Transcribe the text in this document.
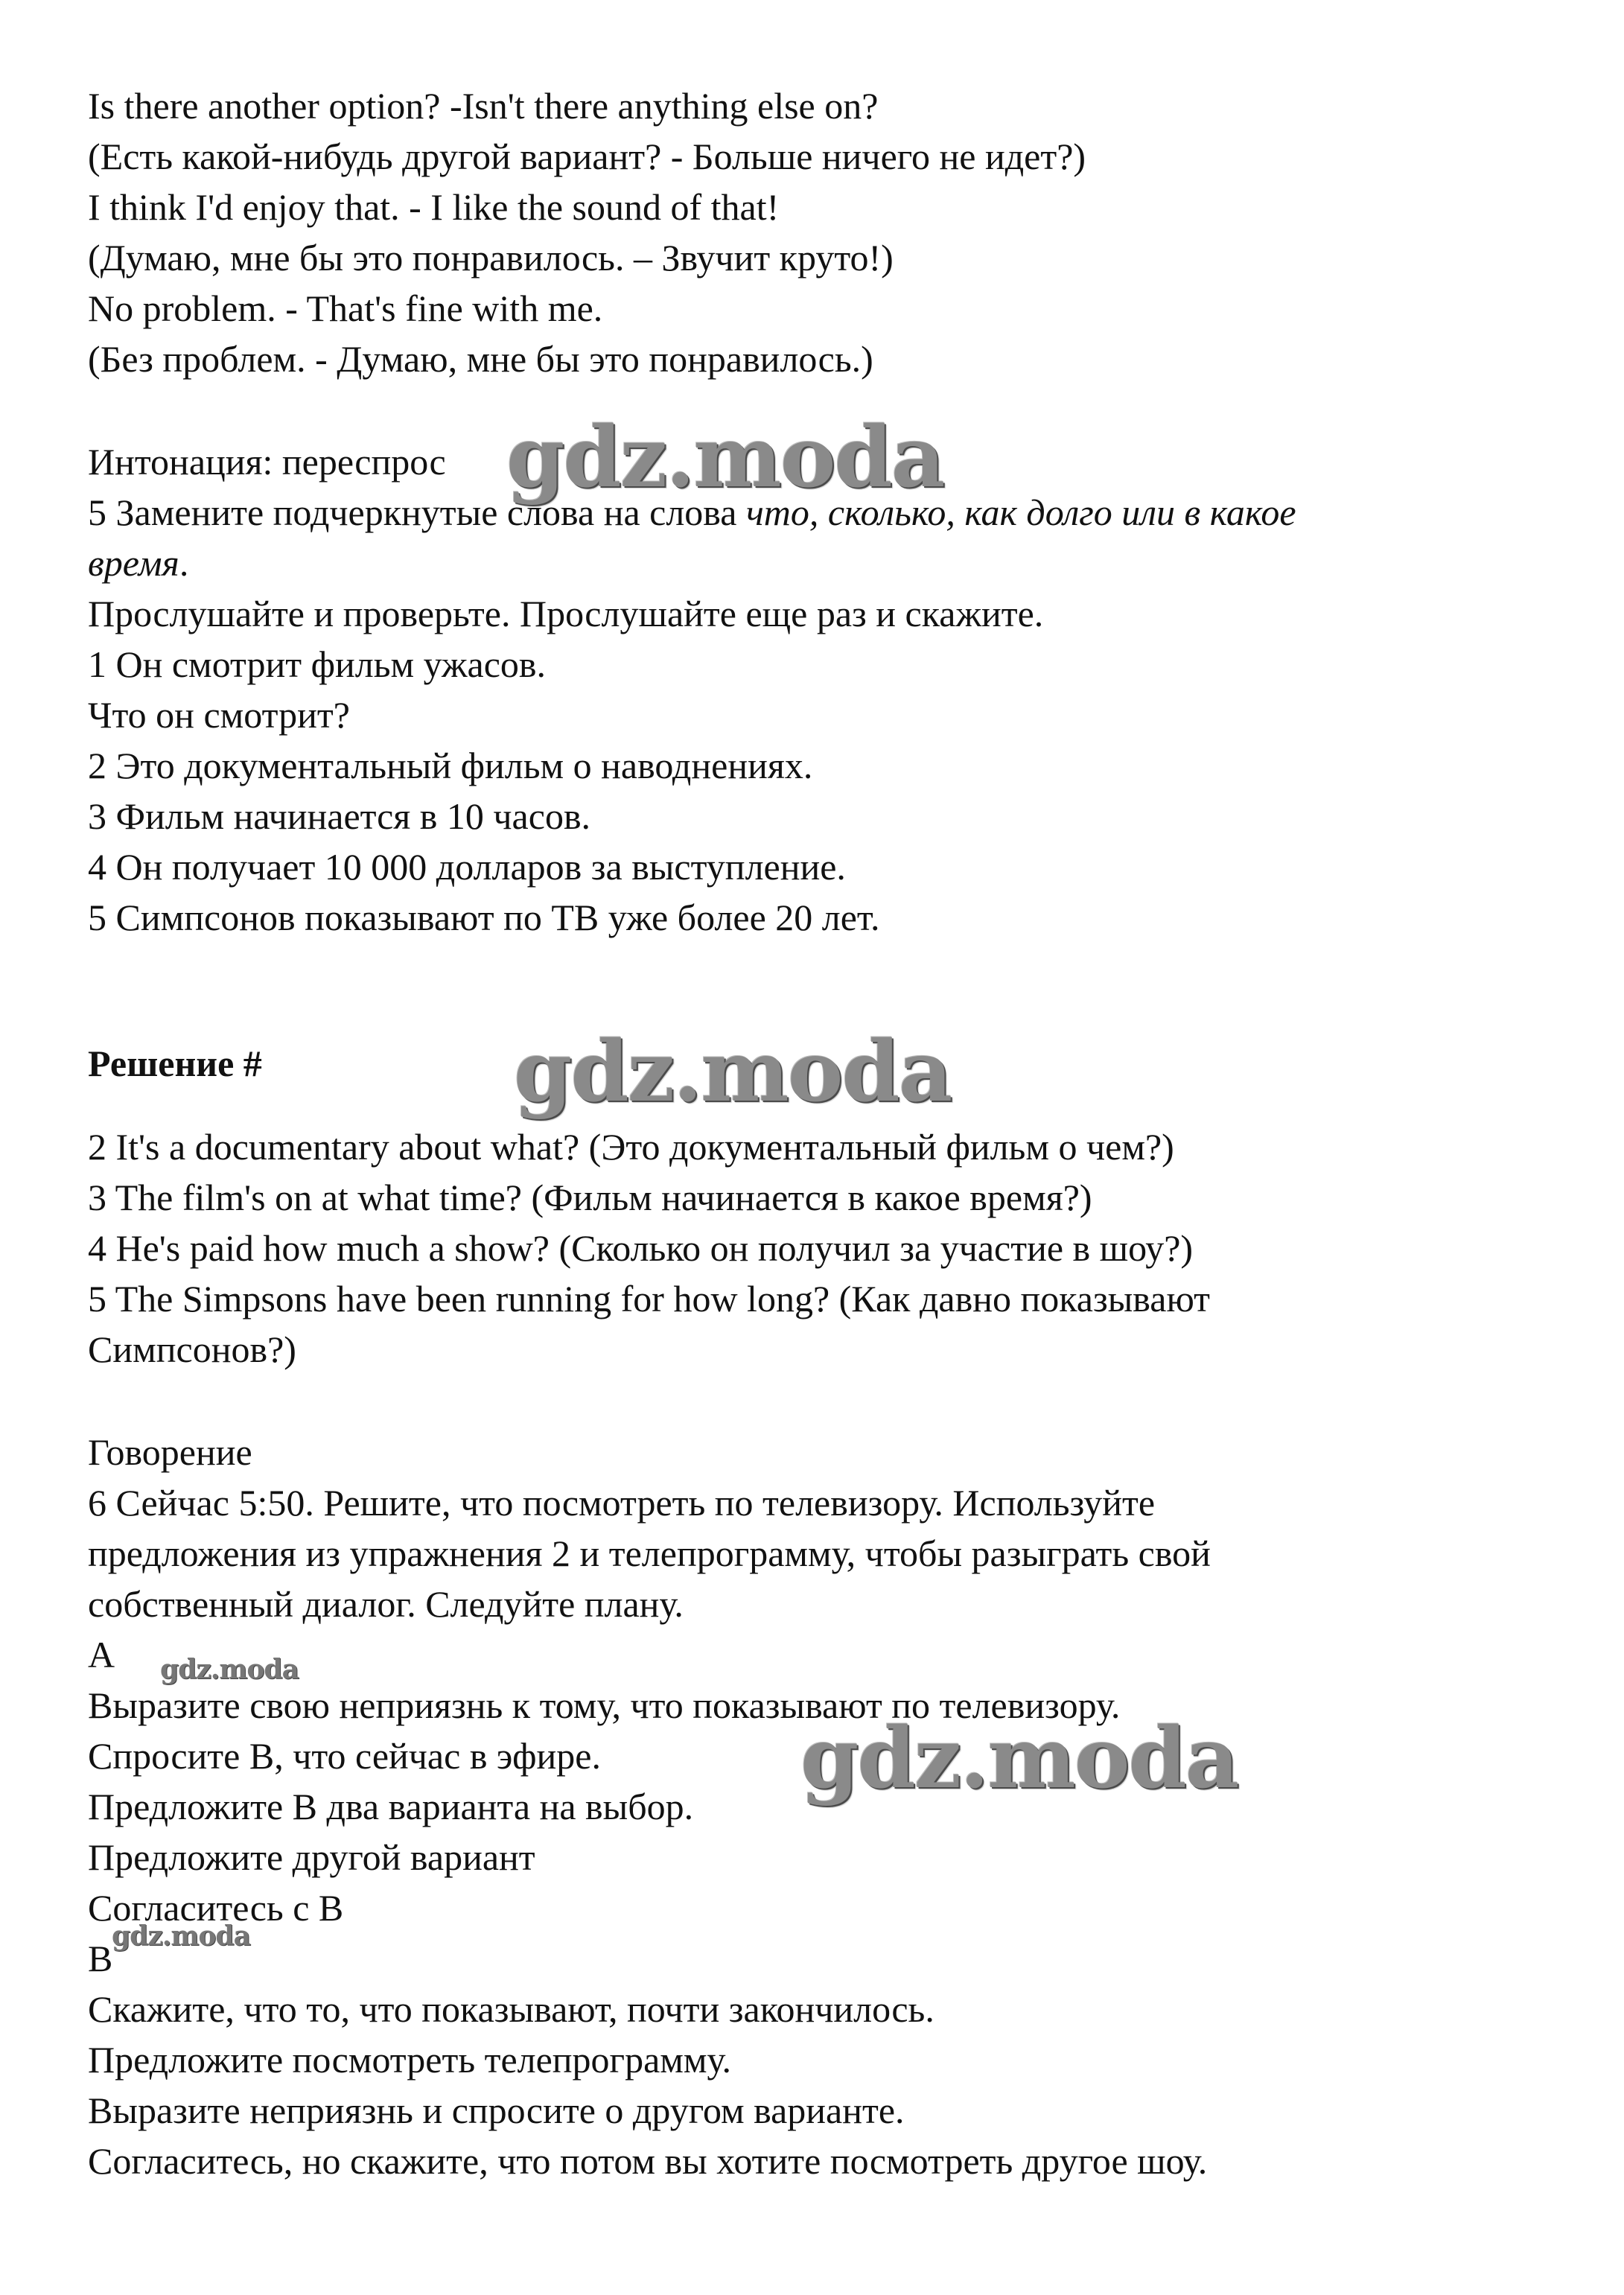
Is there another option? -Isn't there anything else on?
(Есть какой-нибудь другой вариант? - Больше ничего не идет?)
I think I'd enjoy that. - I like the sound of that!
(Думаю, мне бы это понравилось. – Звучит круто!)
No problem. - That's fine with me.
(Без проблем. - Думаю, мне бы это понравилось.)
Интонация: переспрос
5 Замените подчеркнутые слова на слова что, сколько, как долго или в какое
время.
Прослушайте и проверьте. Прослушайте еще раз и скажите.
1 Он смотрит фильм ужасов.
Что он смотрит?
2 Это документальный фильм о наводнениях.
3 Фильм начинается в 10 часов.
4 Он получает 10 000 долларов за выступление.
5 Симпсонов показывают по ТВ уже более 20 лет.
Решение #
2 It's a documentary about what? (Это документальный фильм о чем?)
3 The film's on at what time? (Фильм начинается в какое время?)
4 He's paid how much a show? (Сколько он получил за участие в шоу?)
5 The Simpsons have been running for how long? (Как давно показывают
Симпсонов?)
Говорение
6 Сейчас 5:50. Решите, что посмотреть по телевизору. Используйте
предложения из упражнения 2 и телепрограмму, чтобы разыграть свой
собственный диалог. Следуйте плану.
A
Выразите свою неприязнь к тому, что показывают по телевизору.
Спросите B, что сейчас в эфире.
Предложите B два варианта на выбор.
Предложите другой вариант
Согласитесь с B
B
Скажите, что то, что показывают, почти закончилось.
Предложите посмотреть телепрограмму.
Выразите неприязнь и спросите о другом варианте.
Согласитесь, но скажите, что потом вы хотите посмотреть другое шоу.
gdz.moda
gdz.moda
gdz.moda
gdz.moda
gdz.moda
